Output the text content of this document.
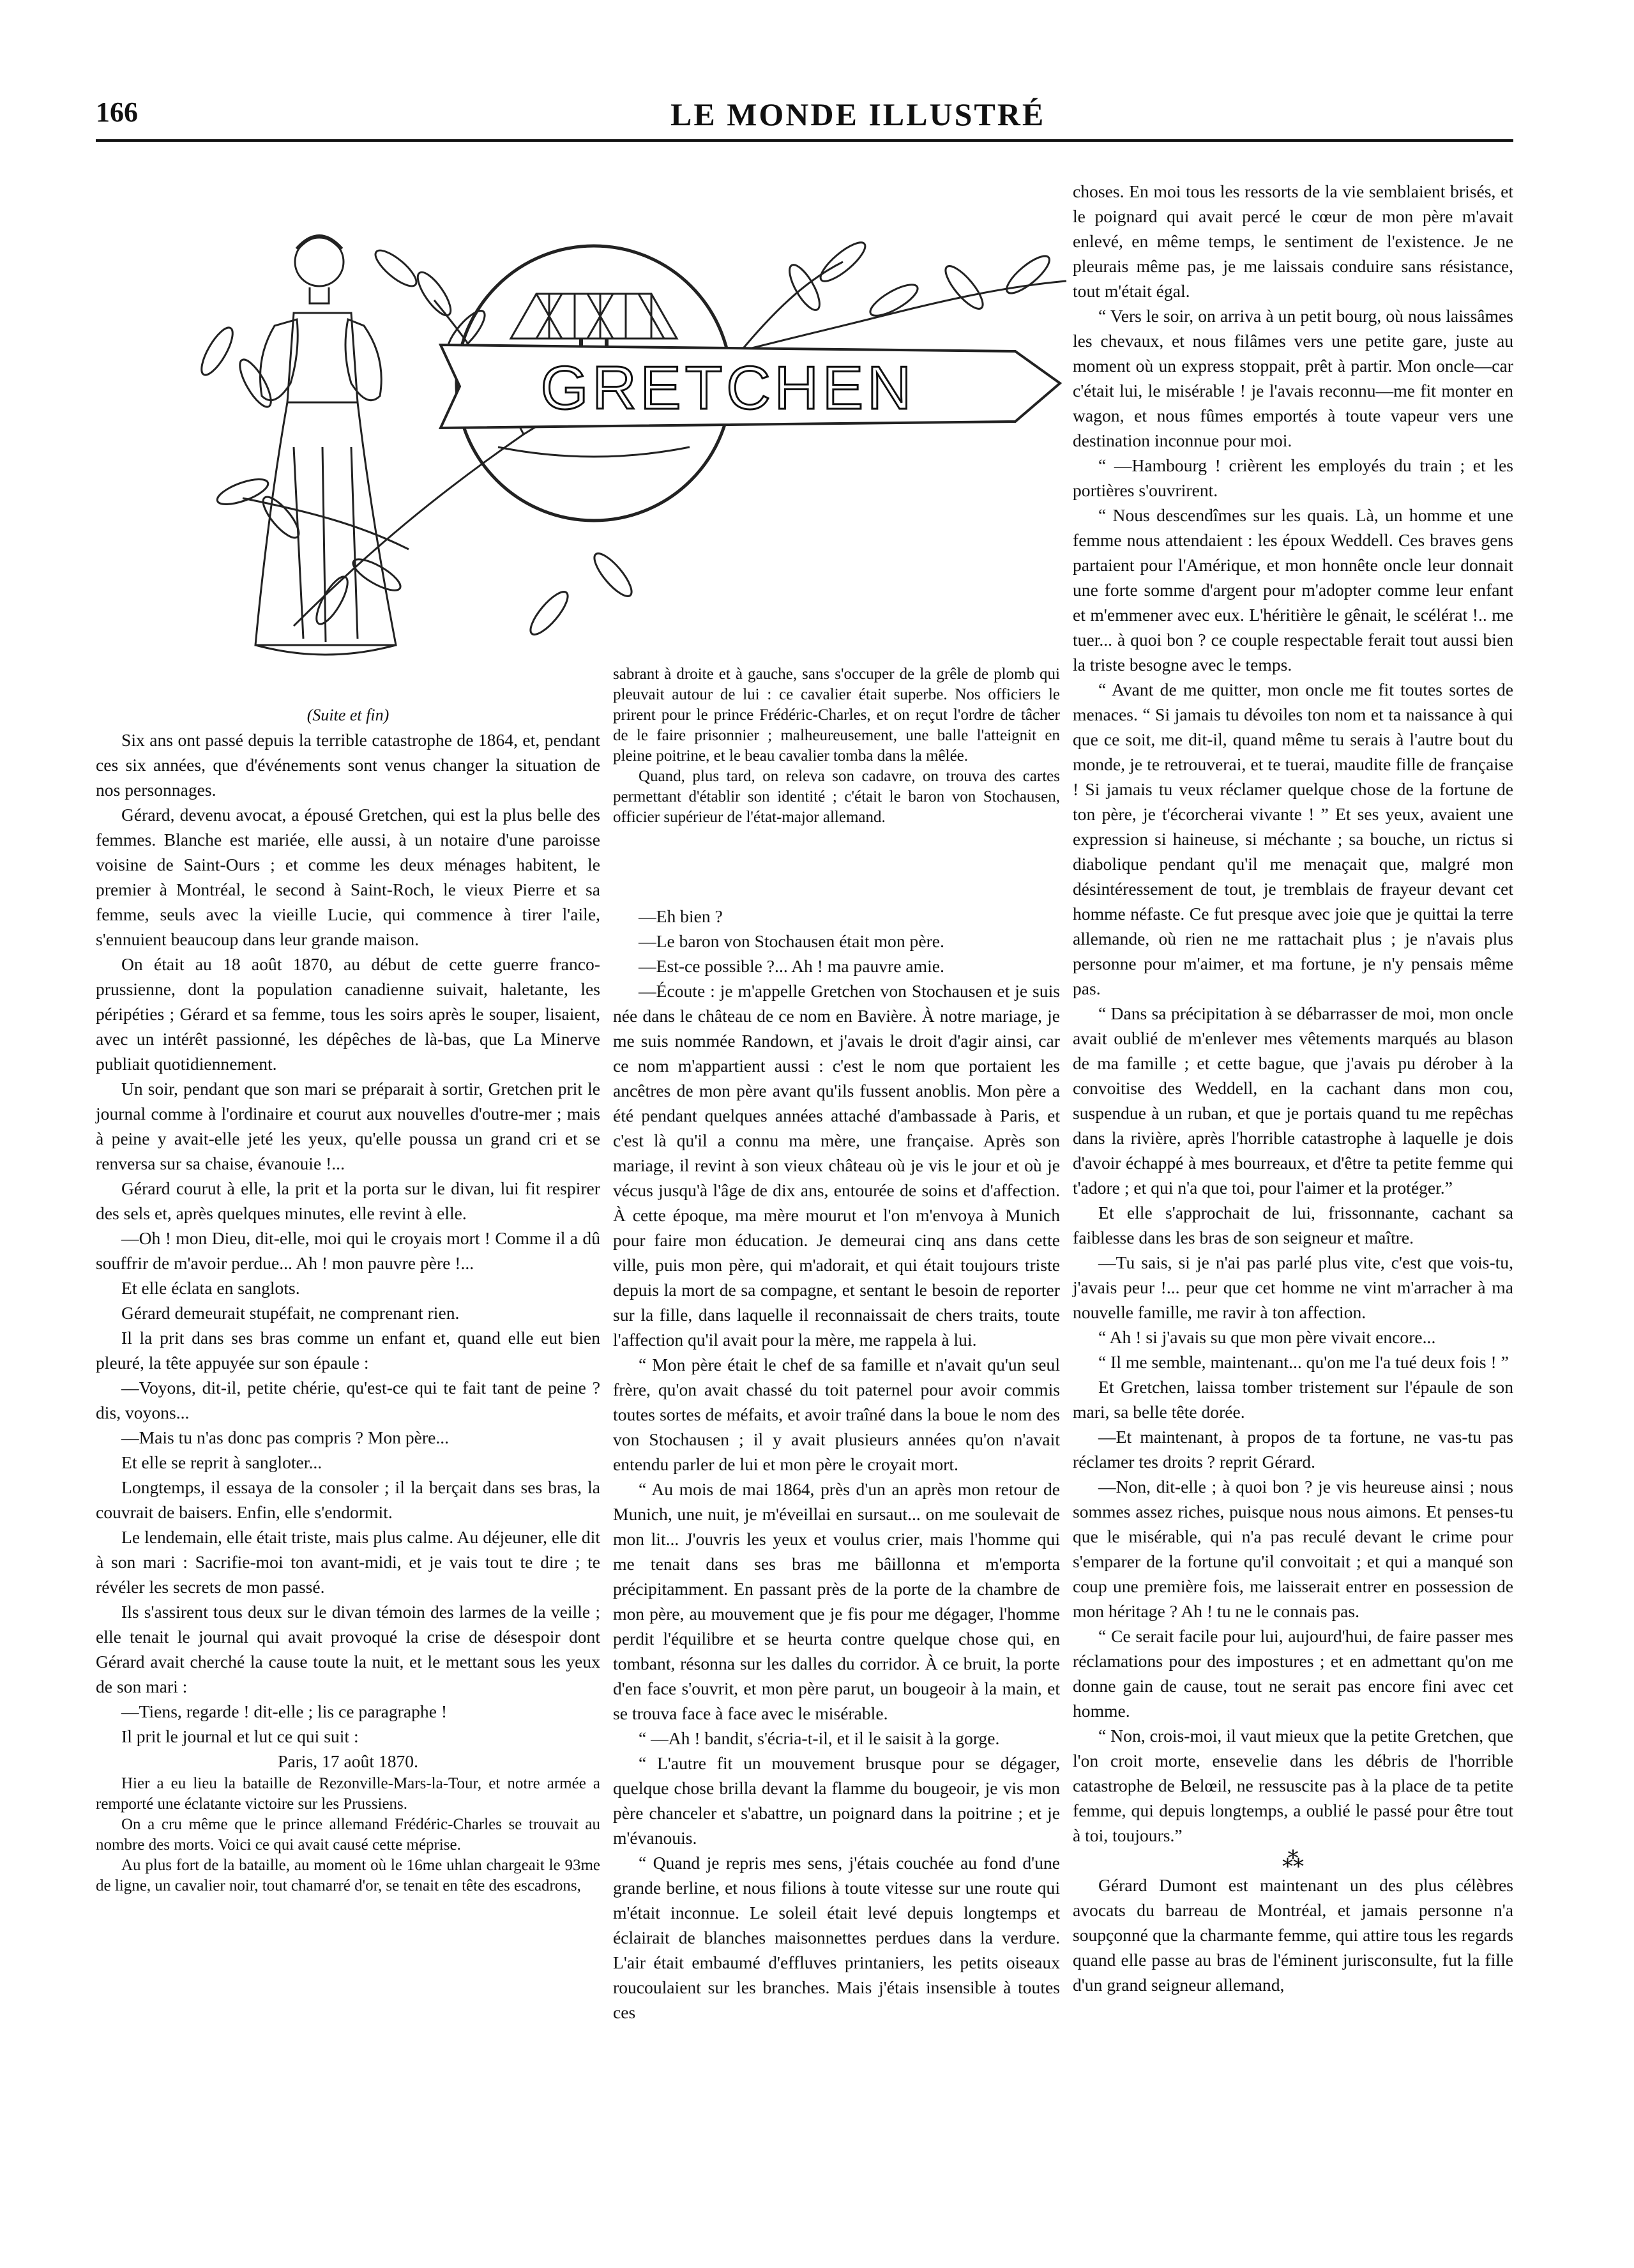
166	LE MONDE ILLUSTRÉ
GRETCHEN

(Suite et fin)

Six ans ont passé depuis la terrible catastrophe de 1864, et, pendant ces six années, que d'événements sont venus changer la situation de nos personnages.

Gérard, devenu avocat, a épousé Gretchen, qui est la plus belle des femmes. Blanche est mariée, elle aussi, à un notaire d'une paroisse voisine de Saint-Ours ; et comme les deux ménages habitent, le premier à Montréal, le second à Saint-Roch, le vieux Pierre et sa femme, seuls avec la vieille Lucie, qui commence à tirer l'aile, s'ennuient beaucoup dans leur grande maison.

On était au 18 août 1870, au début de cette guerre franco-prussienne, dont la population canadienne suivait, haletante, les péripéties ; Gérard et sa femme, tous les soirs après le souper, lisaient, avec un intérêt passionné, les dépêches de là-bas, que La Minerve publiait quotidiennement.

Un soir, pendant que son mari se préparait à sortir, Gretchen prit le journal comme à l'ordinaire et courut aux nouvelles d'outre-mer ; mais à peine y avait-elle jeté les yeux, qu'elle poussa un grand cri et se renversa sur sa chaise, évanouie !...

Gérard courut à elle, la prit et la porta sur le divan, lui fit respirer des sels et, après quelques minutes, elle revint à elle.

—Oh ! mon Dieu, dit-elle, moi qui le croyais mort ! Comme il a dû souffrir de m'avoir perdue... Ah ! mon pauvre père !...

Et elle éclata en sanglots.

Gérard demeurait stupéfait, ne comprenant rien.

Il la prit dans ses bras comme un enfant et, quand elle eut bien pleuré, la tête appuyée sur son épaule :

—Voyons, dit-il, petite chérie, qu'est-ce qui te fait tant de peine ? dis, voyons...

—Mais tu n'as donc pas compris ? Mon père...

Et elle se reprit à sangloter...

Longtemps, il essaya de la consoler ; il la berçait dans ses bras, la couvrait de baisers. Enfin, elle s'endormit.

Le lendemain, elle était triste, mais plus calme. Au déjeuner, elle dit à son mari : Sacrifie-moi ton avant-midi, et je vais tout te dire ; te révéler les secrets de mon passé.

Ils s'assirent tous deux sur le divan témoin des larmes de la veille ; elle tenait le journal qui avait provoqué la crise de désespoir dont Gérard avait cherché la cause toute la nuit, et le mettant sous les yeux de son mari :

—Tiens, regarde ! dit-elle ; lis ce paragraphe !

Il prit le journal et lut ce qui suit :

Paris, 17 août 1870.

Hier a eu lieu la bataille de Rezonville-Mars-la-Tour, et notre armée a remporté une éclatante victoire sur les Prussiens.

On a cru même que le prince allemand Frédéric-Charles se trouvait au nombre des morts. Voici ce qui avait causé cette méprise.

Au plus fort de la bataille, au moment où le 16me uhlan chargeait le 93me de ligne, un cavalier noir, tout chamarré d'or, se tenait en tête des escadrons,

sabrant à droite et à gauche, sans s'occuper de la grêle de plomb qui pleuvait autour de lui : ce cavalier était superbe. Nos officiers le prirent pour le prince Frédéric-Charles, et on reçut l'ordre de tâcher de le faire prisonnier ; malheureusement, une balle l'atteignit en pleine poitrine, et le beau cavalier tomba dans la mêlée.

Quand, plus tard, on releva son cadavre, on trouva des cartes permettant d'établir son identité ; c'était le baron von Stochausen, officier supérieur de l'état-major allemand.

—Eh bien ?

—Le baron von Stochausen était mon père.

—Est-ce possible ?... Ah ! ma pauvre amie.

—Écoute : je m'appelle Gretchen von Stochausen et je suis née dans le château de ce nom en Bavière. À notre mariage, je me suis nommée Randown, et j'avais le droit d'agir ainsi, car ce nom m'appartient aussi : c'est le nom que portaient les ancêtres de mon père avant qu'ils fussent anoblis. Mon père a été pendant quelques années attaché d'ambassade à Paris, et c'est là qu'il a connu ma mère, une française. Après son mariage, il revint à son vieux château où je vis le jour et où je vécus jusqu'à l'âge de dix ans, entourée de soins et d'affection. À cette époque, ma mère mourut et l'on m'envoya à Munich pour faire mon éducation. Je demeurai cinq ans dans cette ville, puis mon père, qui m'adorait, et qui était toujours triste depuis la mort de sa compagne, et sentant le besoin de reporter sur la fille, dans laquelle il reconnaissait de chers traits, toute l'affection qu'il avait pour la mère, me rappela à lui.

“ Mon père était le chef de sa famille et n'avait qu'un seul frère, qu'on avait chassé du toit paternel pour avoir commis toutes sortes de méfaits, et avoir traîné dans la boue le nom des von Stochausen ; il y avait plusieurs années qu'on n'avait entendu parler de lui et mon père le croyait mort.

“ Au mois de mai 1864, près d'un an après mon retour de Munich, une nuit, je m'éveillai en sursaut... on me soulevait de mon lit... J'ouvris les yeux et voulus crier, mais l'homme qui me tenait dans ses bras me bâillonna et m'emporta précipitamment. En passant près de la porte de la chambre de mon père, au mouvement que je fis pour me dégager, l'homme perdit l'équilibre et se heurta contre quelque chose qui, en tombant, résonna sur les dalles du corridor. À ce bruit, la porte d'en face s'ouvrit, et mon père parut, un bougeoir à la main, et se trouva face à face avec le misérable.

“ —Ah ! bandit, s'écria-t-il, et il le saisit à la gorge.

“ L'autre fit un mouvement brusque pour se dégager, quelque chose brilla devant la flamme du bougeoir, je vis mon père chanceler et s'abattre, un poignard dans la poitrine ; et je m'évanouis.

“ Quand je repris mes sens, j'étais couchée au fond d'une grande berline, et nous filions à toute vitesse sur une route qui m'était inconnue. Le soleil était levé depuis longtemps et éclairait de blanches maisonnettes perdues dans la verdure. L'air était embaumé d'effluves printaniers, les petits oiseaux roucoulaient sur les branches. Mais j'étais insensible à toutes ces

choses. En moi tous les ressorts de la vie semblaient brisés, et le poignard qui avait percé le cœur de mon père m'avait enlevé, en même temps, le sentiment de l'existence. Je ne pleurais même pas, je me laissais conduire sans résistance, tout m'était égal.

“ Vers le soir, on arriva à un petit bourg, où nous laissâmes les chevaux, et nous filâmes vers une petite gare, juste au moment où un express stoppait, prêt à partir. Mon oncle—car c'était lui, le misérable ! je l'avais reconnu—me fit monter en wagon, et nous fûmes emportés à toute vapeur vers une destination inconnue pour moi.

“ —Hambourg ! crièrent les employés du train ; et les portières s'ouvrirent.

“ Nous descendîmes sur les quais. Là, un homme et une femme nous attendaient : les époux Weddell. Ces braves gens partaient pour l'Amérique, et mon honnête oncle leur donnait une forte somme d'argent pour m'adopter comme leur enfant et m'emmener avec eux. L'héritière le gênait, le scélérat !.. me tuer... à quoi bon ? ce couple respectable ferait tout aussi bien la triste besogne avec le temps.

“ Avant de me quitter, mon oncle me fit toutes sortes de menaces. “ Si jamais tu dévoiles ton nom et ta naissance à qui que ce soit, me dit-il, quand même tu serais à l'autre bout du monde, je te retrouverai, et te tuerai, maudite fille de française ! Si jamais tu veux réclamer quelque chose de la fortune de ton père, je t'écorcherai vivante ! ” Et ses yeux, avaient une expression si haineuse, si méchante ; sa bouche, un rictus si diabolique pendant qu'il me menaçait que, malgré mon désintéressement de tout, je tremblais de frayeur devant cet homme néfaste. Ce fut presque avec joie que je quittai la terre allemande, où rien ne me rattachait plus ; je n'avais plus personne pour m'aimer, et ma fortune, je n'y pensais même pas.

“ Dans sa précipitation à se débarrasser de moi, mon oncle avait oublié de m'enlever mes vêtements marqués au blason de ma famille ; et cette bague, que j'avais pu dérober à la convoitise des Weddell, en la cachant dans mon cou, suspendue à un ruban, et que je portais quand tu me repêchas dans la rivière, après l'horrible catastrophe à laquelle je dois d'avoir échappé à mes bourreaux, et d'être ta petite femme qui t'adore ; et qui n'a que toi, pour l'aimer et la protéger.”

Et elle s'approchait de lui, frissonnante, cachant sa faiblesse dans les bras de son seigneur et maître.

—Tu sais, si je n'ai pas parlé plus vite, c'est que vois-tu, j'avais peur !... peur que cet homme ne vint m'arracher à ma nouvelle famille, me ravir à ton affection.

“ Ah ! si j'avais su que mon père vivait encore...

“ Il me semble, maintenant... qu'on me l'a tué deux fois ! ”

Et Gretchen, laissa tomber tristement sur l'épaule de son mari, sa belle tête dorée.

—Et maintenant, à propos de ta fortune, ne vas-tu pas réclamer tes droits ? reprit Gérard.

—Non, dit-elle ; à quoi bon ? je vis heureuse ainsi ; nous sommes assez riches, puisque nous nous aimons. Et penses-tu que le misérable, qui n'a pas reculé devant le crime pour s'emparer de la fortune qu'il convoitait ; et qui a manqué son coup une première fois, me laisserait entrer en possession de mon héritage ? Ah ! tu ne le connais pas.

“ Ce serait facile pour lui, aujourd'hui, de faire passer mes réclamations pour des impostures ; et en admettant qu'on me donne gain de cause, tout ne serait pas encore fini avec cet homme.

“ Non, crois-moi, il vaut mieux que la petite Gretchen, que l'on croit morte, ensevelie dans les débris de l'horrible catastrophe de Belœil, ne ressuscite pas à la place de ta petite femme, qui depuis longtemps, a oublié le passé pour être tout à toi, toujours.”

⁂

Gérard Dumont est maintenant un des plus célèbres avocats du barreau de Montréal, et jamais personne n'a soupçonné que la charmante femme, qui attire tous les regards quand elle passe au bras de l'éminent jurisconsulte, fut la fille d'un grand seigneur allemand,
